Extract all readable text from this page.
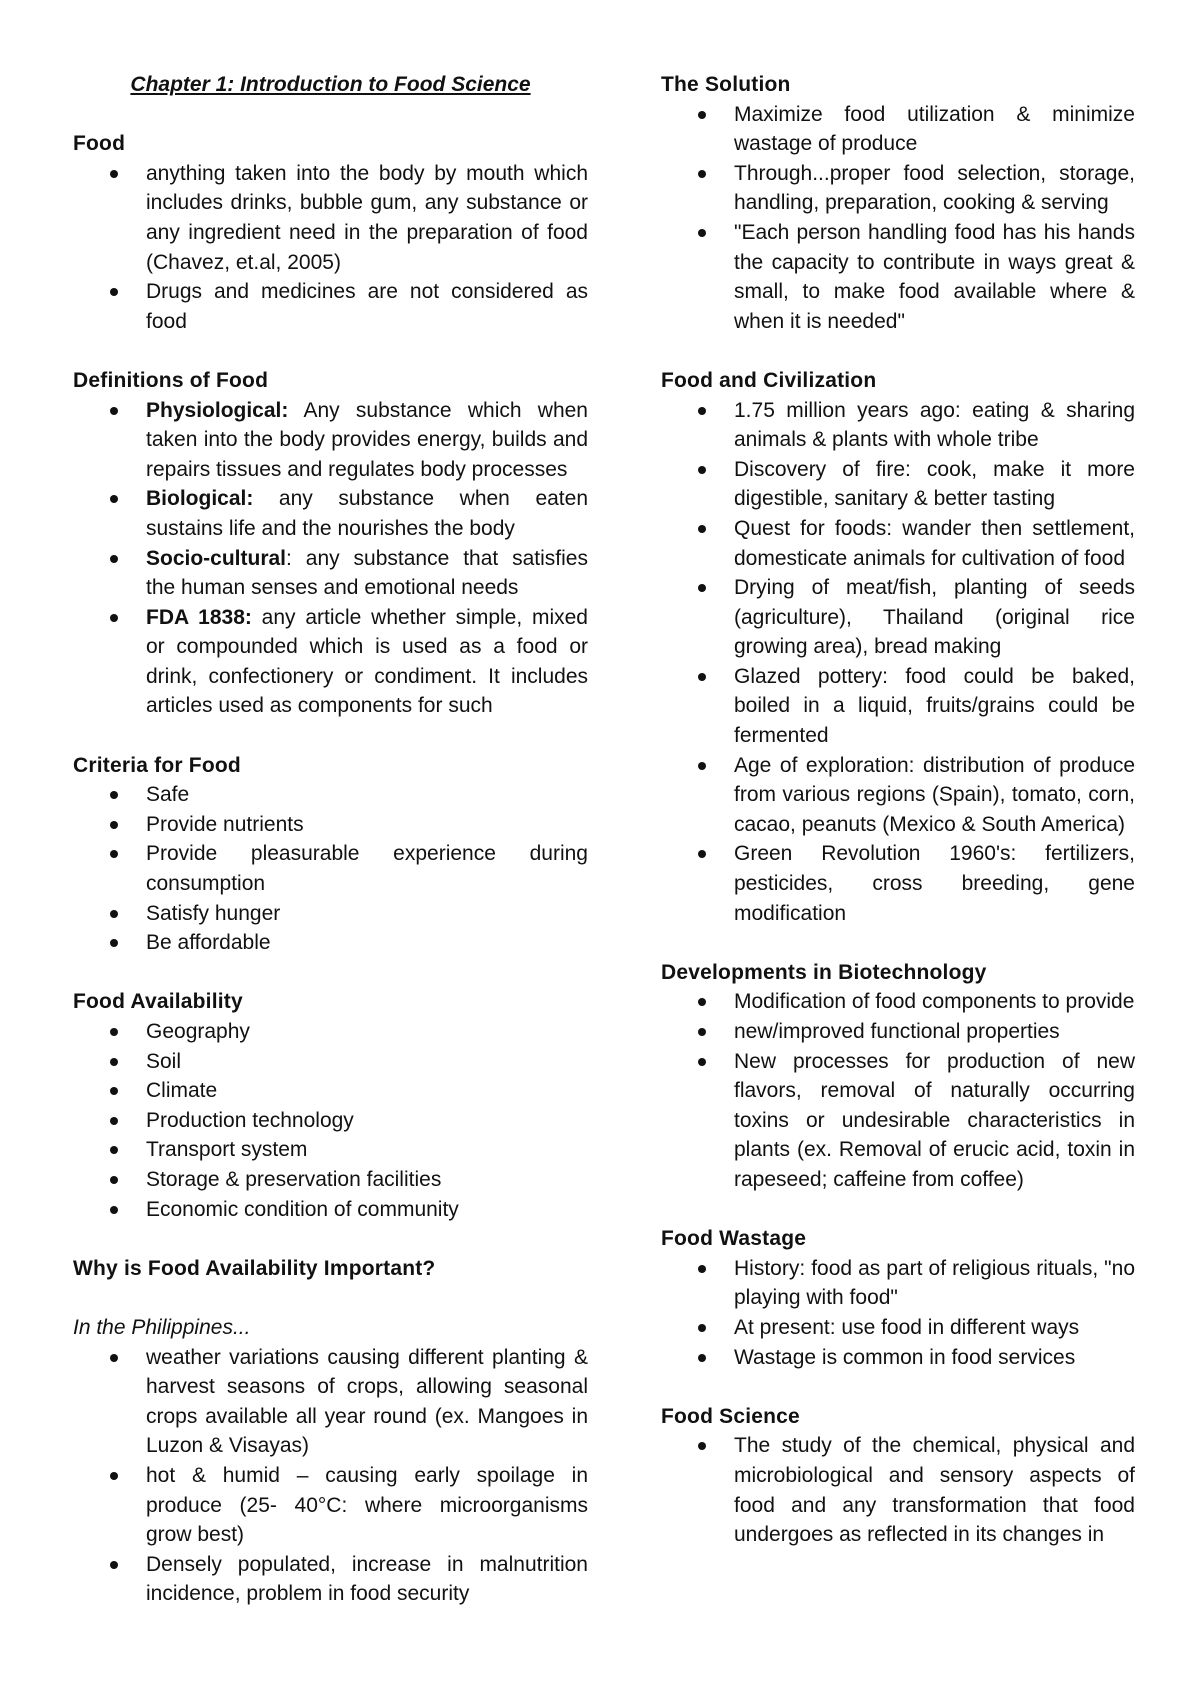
Chapter 1: Introduction to Food Science

Food

anything taken into the body by mouth which includes drinks, bubble gum, any substance or any ingredient need in the preparation of food (Chavez, et.al, 2005)
Drugs and medicines are not considered as food

Definitions of Food

Physiological: Any substance which when taken into the body provides energy, builds and repairs tissues and regulates body processes
Biological: any substance when eaten sustains life and the nourishes the body
Socio-cultural: any substance that satisfies the human senses and emotional needs
FDA 1838: any article whether simple, mixed or compounded which is used as a food or drink, confectionery or condiment. It includes articles used as components for such

Criteria for Food

Safe
Provide nutrients
Provide pleasurable experience during consumption
Satisfy hunger
Be affordable

Food Availability

Geography
Soil
Climate
Production technology
Transport system
Storage & preservation facilities
Economic condition of community

Why is Food Availability Important?

In the Philippines...

weather variations causing different planting & harvest seasons of crops, allowing seasonal crops available all year round (ex. Mangoes in Luzon & Visayas)
hot & humid – causing early spoilage in produce (25- 40°C: where microorganisms grow best)
Densely populated, increase in malnutrition incidence, problem in food security

The Solution

Maximize food utilization & minimize wastage of produce
Through...proper food selection, storage, handling, preparation, cooking & serving
"Each person handling food has his hands the capacity to contribute in ways great & small, to make food available where & when it is needed"

Food and Civilization

1.75 million years ago: eating & sharing animals & plants with whole tribe
Discovery of fire: cook, make it more digestible, sanitary & better tasting
Quest for foods: wander then settlement, domesticate animals for cultivation of food
Drying of meat/fish, planting of seeds (agriculture), Thailand (original rice growing area), bread making
Glazed pottery: food could be baked, boiled in a liquid, fruits/grains could be fermented
Age of exploration: distribution of produce from various regions (Spain), tomato, corn, cacao, peanuts (Mexico & South America)
Green Revolution 1960's: fertilizers, pesticides, cross breeding, gene modification

Developments in Biotechnology

Modification of food components to provide
new/improved functional properties
New processes for production of new flavors, removal of naturally occurring toxins or undesirable characteristics in plants (ex. Removal of erucic acid, toxin in rapeseed; caffeine from coffee)

Food Wastage

History: food as part of religious rituals, "no playing with food"
At present: use food in different ways
Wastage is common in food services

Food Science

The study of the chemical, physical and microbiological and sensory aspects of food and any transformation that food undergoes as reflected in its changes in
